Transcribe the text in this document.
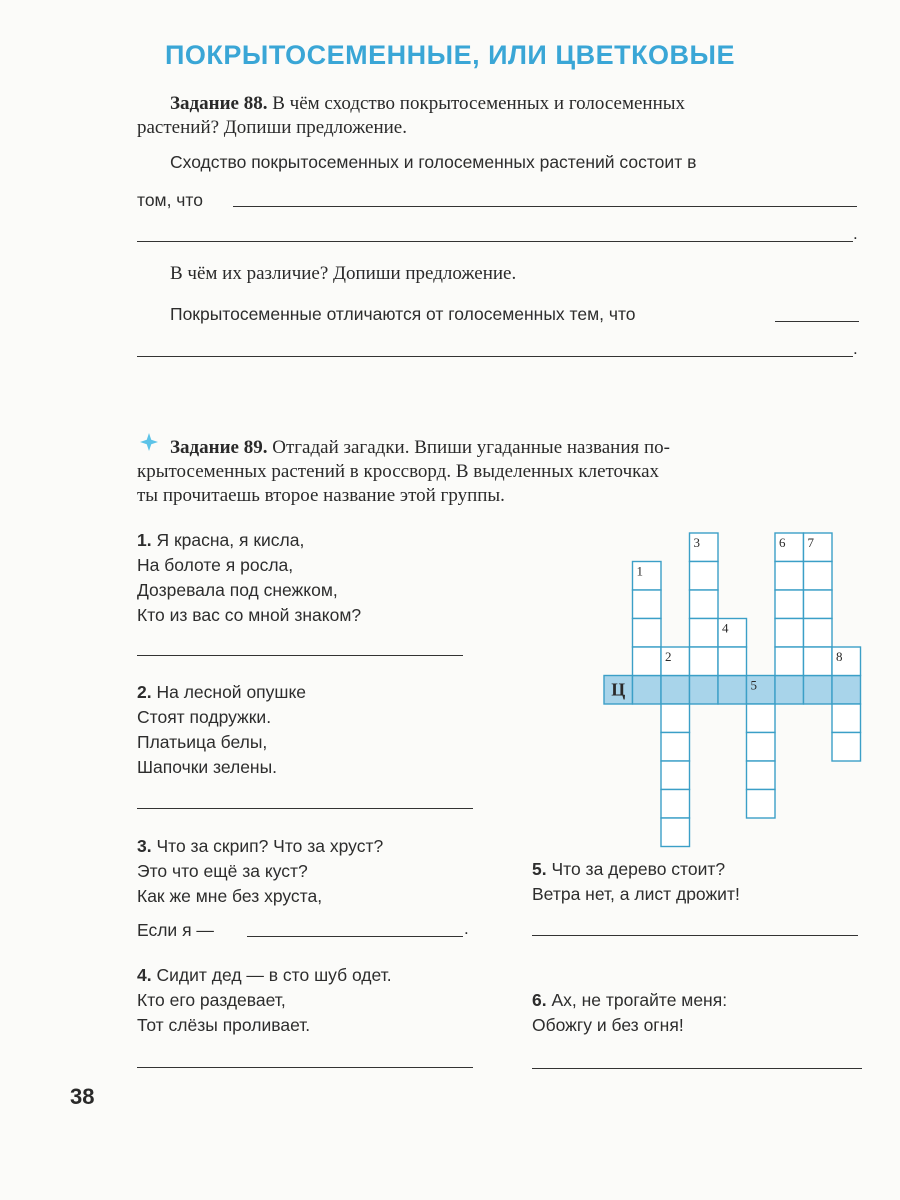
ПОКРЫТОСЕМЕННЫЕ, ИЛИ ЦВЕТКОВЫЕ
Задание 88. В чём сходство покрытосеменных и голосеменных
растений? Допиши предложение.
Сходство покрытосеменных и голосеменных растений состоит в
том, что
.
В чём их различие? Допиши предложение.
Покрытосеменные отличаются от голосеменных тем, что
.
Задание 89. Отгадай загадки. Впиши угаданные названия по-
крытосеменных растений в кроссворд. В выделенных клеточках
ты прочитаешь второе название этой группы.
1. Я красна, я кисла,
На болоте я росла,
Дозревала под снежком,
Кто из вас со мной знаком?
2. На лесной опушке
Стоят подружки.
Платьица белы,
Шапочки зелены.
3. Что за скрип? Что за хруст?
Это что ещё за куст?
Как же мне без хруста,
Если я —	.
4. Сидит дед — в сто шуб одет.
Кто его раздевает,
Тот слёзы проливает.
5. Что за дерево стоит?
Ветра нет, а лист дрожит!
6. Ах, не трогайте меня:
Обожгу и без огня!
Ц
1
2
3
4
5
6 7
8
38
